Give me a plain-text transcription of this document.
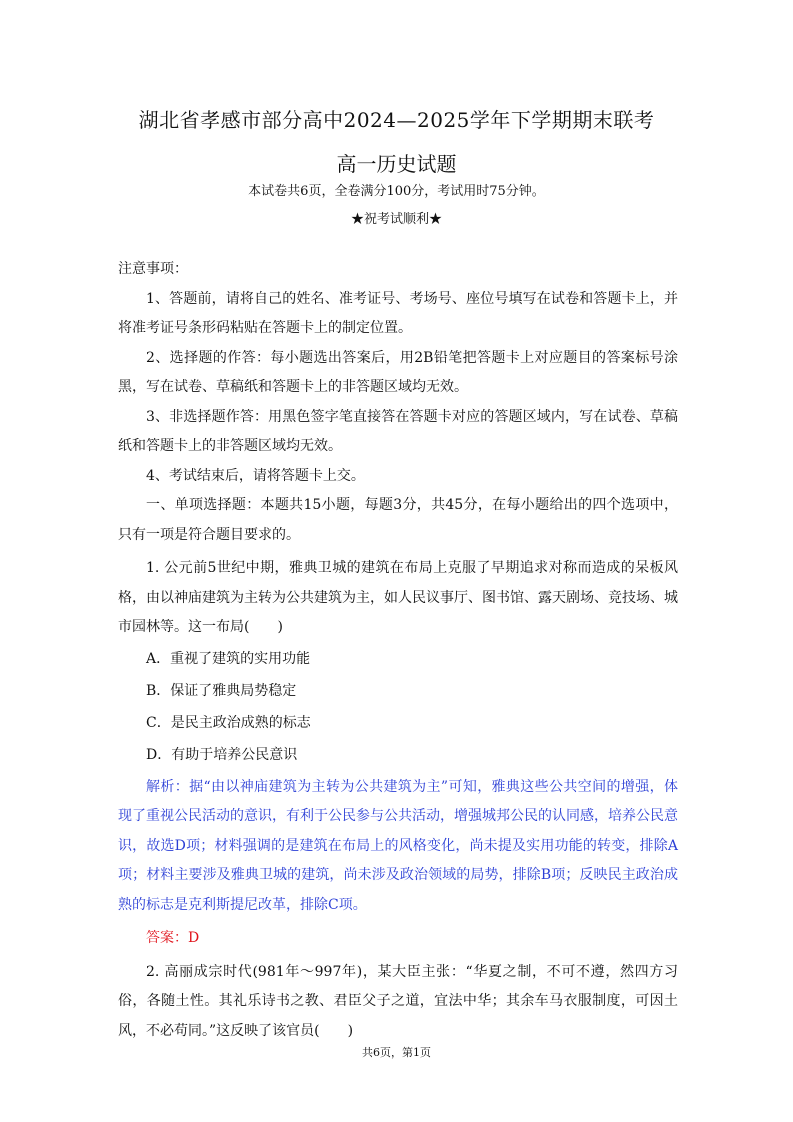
湖北省孝感市部分高中2024—2025学年下学期期末联考
高一历史试题
本试卷共6页，全卷满分100分，考试用时75分钟。
★祝考试顺利★

注意事项：

1、答题前，请将自己的姓名、准考证号、考场号、座位号填写在试卷和答题卡上，并将准考证号条形码粘贴在答题卡上的制定位置。

2、选择题的作答：每小题选出答案后，用2B铅笔把答题卡上对应题目的答案标号涂黑，写在试卷、草稿纸和答题卡上的非答题区域均无效。

3、非选择题作答：用黑色签字笔直接答在答题卡对应的答题区域内，写在试卷、草稿纸和答题卡上的非答题区域均无效。

4、考试结束后，请将答题卡上交。

一、单项选择题：本题共15小题，每题3分，共45分，在每小题给出的四个选项中，只有一项是符合题目要求的。

1. 公元前5世纪中期，雅典卫城的建筑在布局上克服了早期追求对称而造成的呆板风格，由以神庙建筑为主转为公共建筑为主，如人民议事厅、图书馆、露天剧场、竞技场、城市园林等。这一布局(　　)

A．重视了建筑的实用功能

B．保证了雅典局势稳定

C．是民主政治成熟的标志

D．有助于培养公民意识

解析：据“由以神庙建筑为主转为公共建筑为主”可知，雅典这些公共空间的增强，体现了重视公民活动的意识，有利于公民参与公共活动，增强城邦公民的认同感，培养公民意识，故选D项；材料强调的是建筑在布局上的风格变化，尚未提及实用功能的转变，排除A项；材料主要涉及雅典卫城的建筑，尚未涉及政治领域的局势，排除B项；反映民主政治成熟的标志是克利斯提尼改革，排除C项。

答案：D

2. 高丽成宗时代(981年～997年)，某大臣主张：“华夏之制，不可不遵，然四方习俗，各随土性。其礼乐诗书之教、君臣父子之道，宜法中华；其余车马衣服制度，可因土风，不必苟同。”这反映了该官员(　　)

共6页，第1页
